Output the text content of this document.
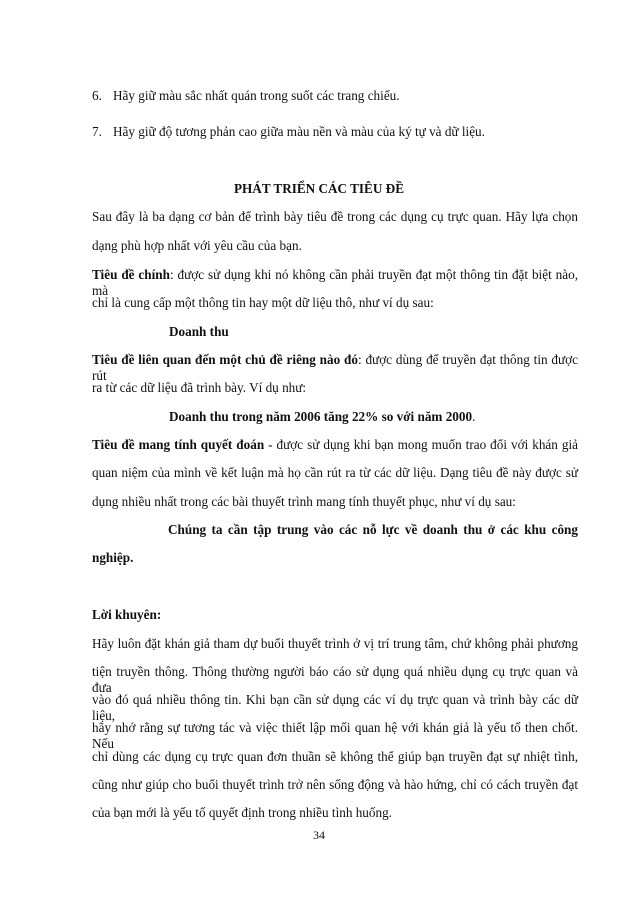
6. Hãy giữ màu sắc nhất quán trong suốt các trang chiếu.
7. Hãy giữ độ tương phản cao giữa màu nền và màu của ký tự và dữ liệu.
PHÁT TRIỂN CÁC TIÊU ĐỀ
Sau đây là ba dạng cơ bản để trình bày tiêu đề trong các dụng cụ trực quan. Hãy lựa chọn
dạng phù hợp nhất với yêu cầu của bạn.
Tiêu đề chính: được sử dụng khi nó không cần phải truyền đạt một thông tin đặt biệt nào, mà
chỉ là cung cấp một thông tin hay một dữ liệu thô, như ví dụ sau:
Doanh thu
Tiêu đề liên quan đến một chủ đề riêng nào đó: được dùng để truyền đạt thông tin được rút
ra từ các dữ liệu đã trình bày. Ví dụ như:
Doanh thu trong năm 2006 tăng 22% so với năm 2000.
Tiêu đề mang tính quyết đoán - được sử dụng khi bạn mong muốn trao đổi với khán giả
quan niệm của mình về kết luận mà họ cần rút ra từ các dữ liệu. Dạng tiêu đề này được sử
dụng nhiều nhất trong các bài thuyết trình mang tính thuyết phục, như ví dụ sau:
Chúng ta cần tập trung vào các nỗ lực về doanh thu ở các khu công
nghiệp.
Lời khuyên:
Hãy luôn đặt khán giả tham dự buổi thuyết trình ở vị trí trung tâm, chứ không phải phương
tiện truyền thông. Thông thường người báo cáo sử dụng quá nhiều dụng cụ trực quan và đưa
vào đó quá nhiều thông tin. Khi bạn cần sử dụng các ví dụ trực quan và trình bày các dữ liệu,
hãy nhớ rằng sự tương tác và việc thiết lập mối quan hệ với khán giả là yếu tố then chốt. Nếu
chỉ dùng các dụng cụ trực quan đơn thuần sẽ không thể giúp bạn truyền đạt sự nhiệt tình,
cũng như giúp cho buổi thuyết trình trở nên sống động và hào hứng, chỉ có cách truyền đạt
của bạn mới là yếu tố quyết định trong nhiều tình huống.
34
